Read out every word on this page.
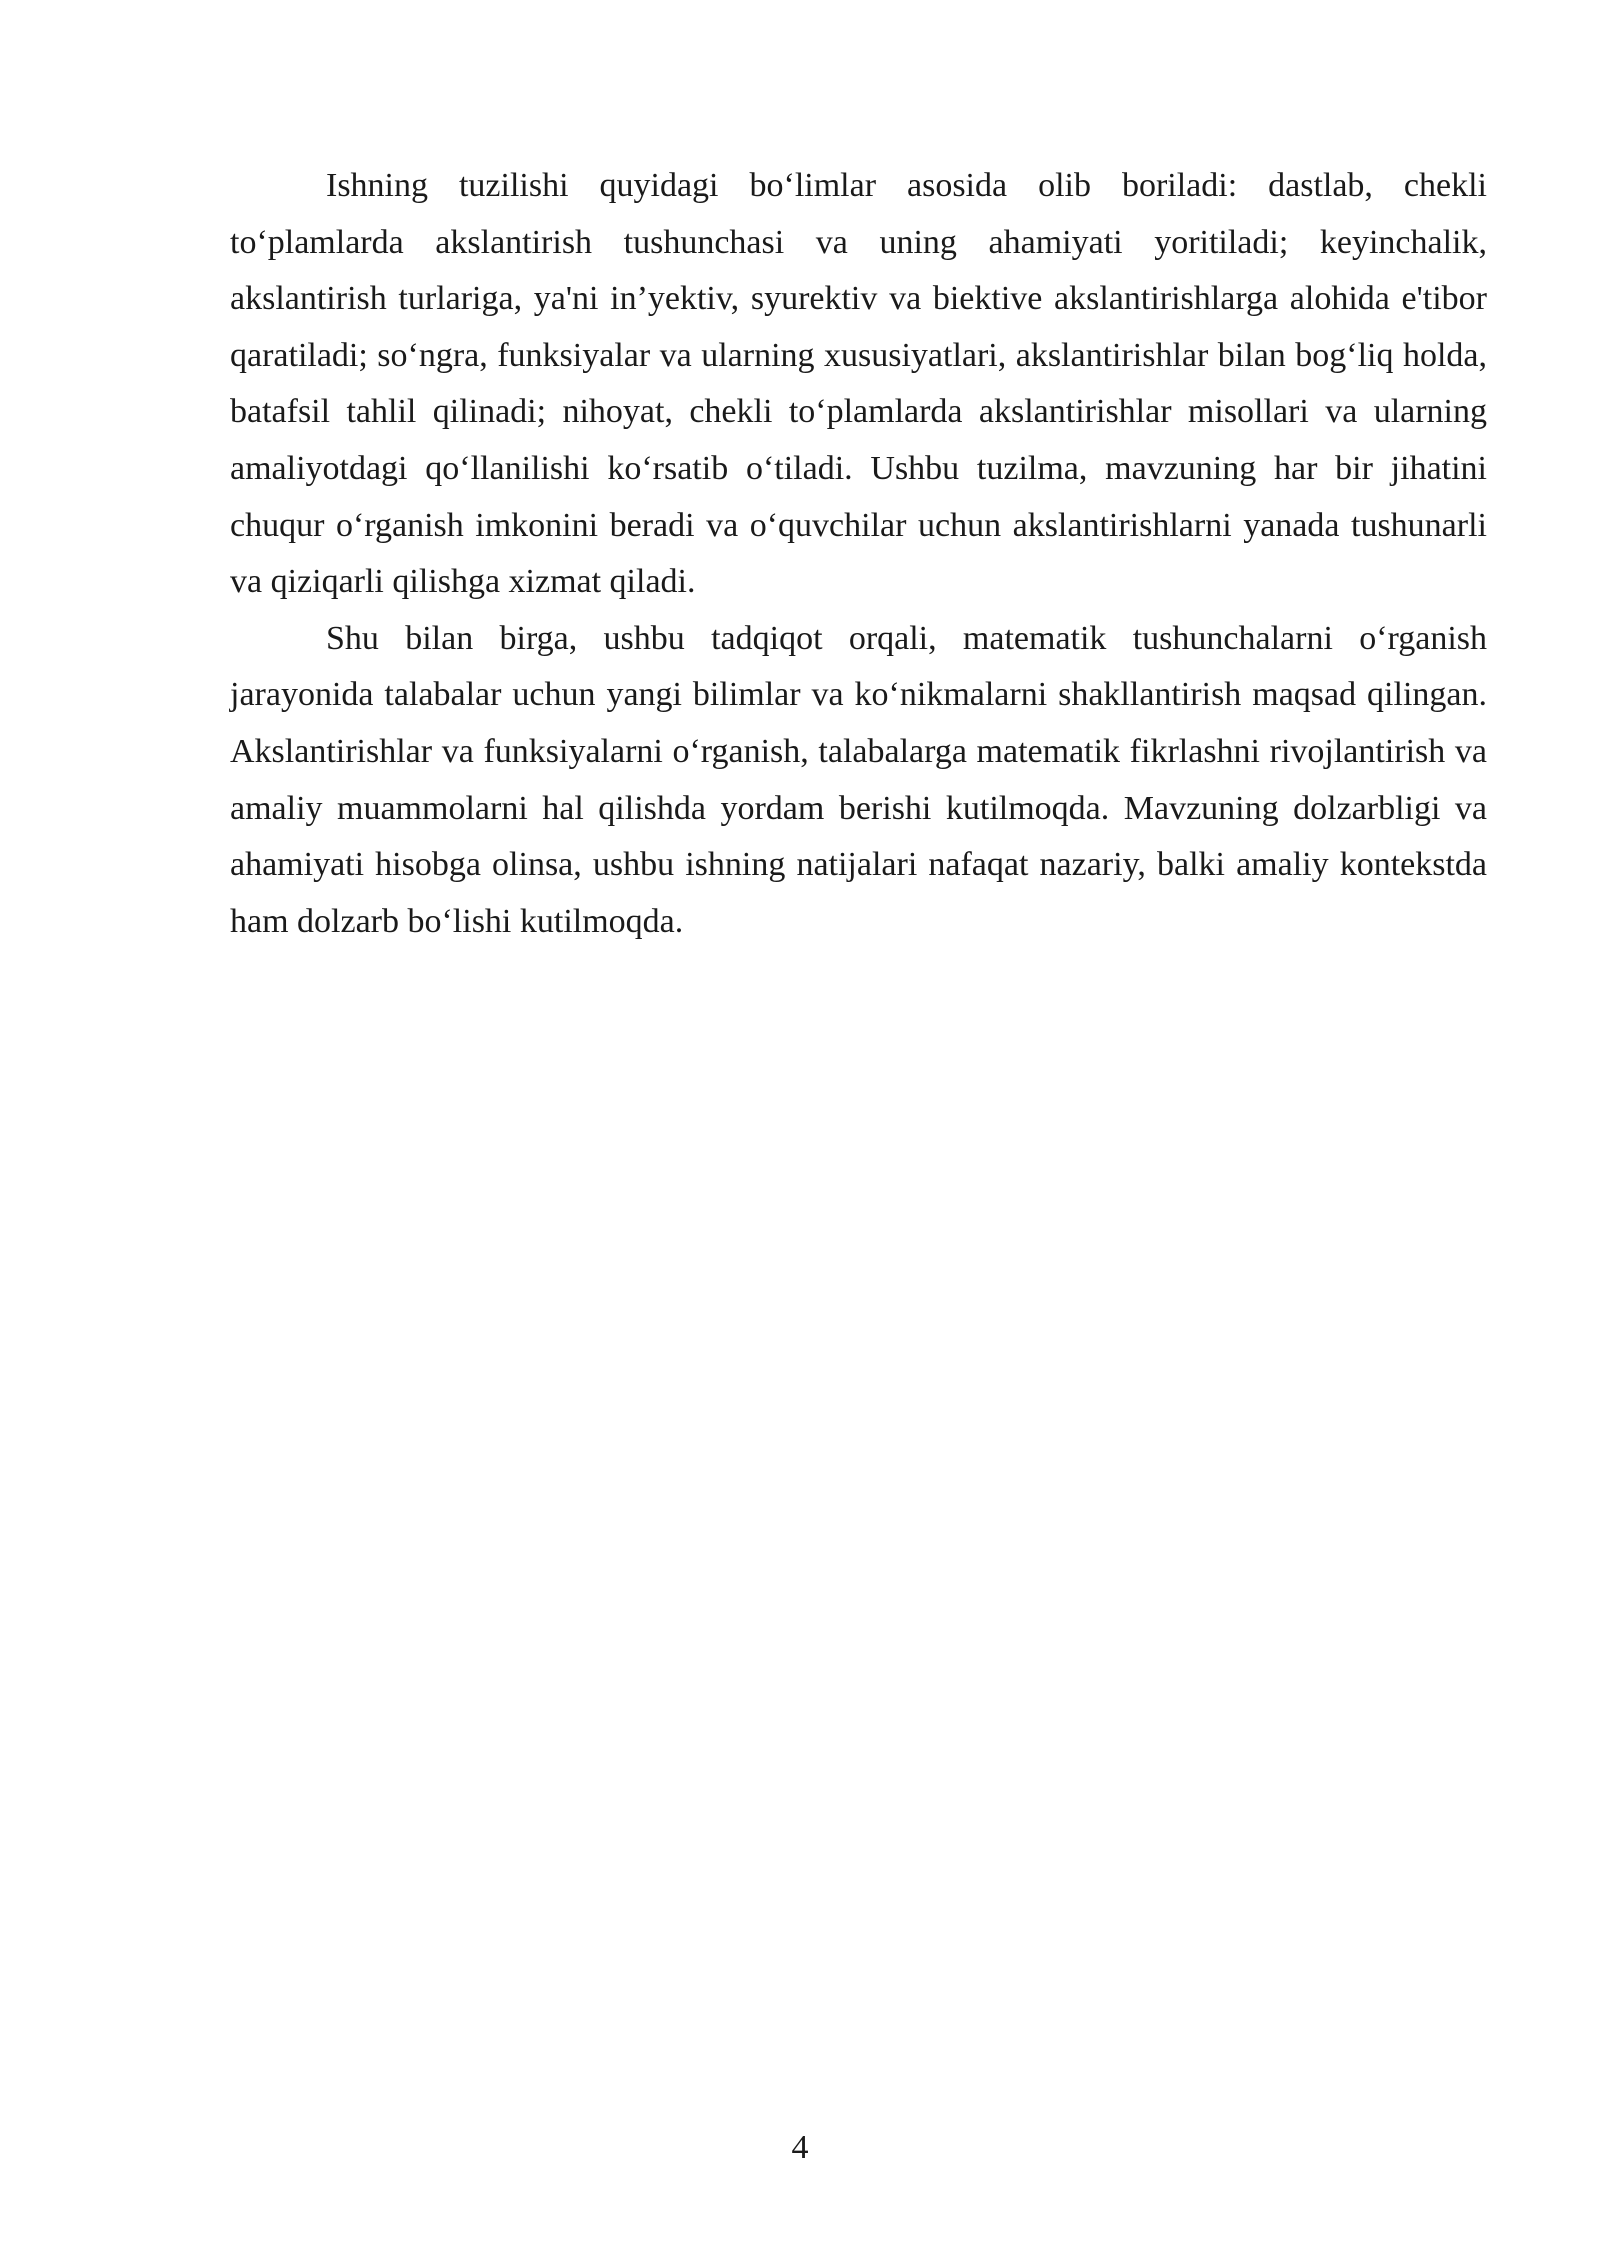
Ishning tuzilishi quyidagi bo‘limlar asosida olib boriladi: dastlab, chekli to‘plamlarda akslantirish tushunchasi va uning ahamiyati yoritiladi; keyinchalik, akslantirish turlariga, ya'ni in’yektiv, syurektiv va biektive akslantirishlarga alohida e'tibor qaratiladi; so‘ngra, funksiyalar va ularning xususiyatlari, akslantirishlar bilan bog‘liq holda, batafsil tahlil qilinadi; nihoyat, chekli to‘plamlarda akslantirishlar misollari va ularning amaliyotdagi qo‘llanilishi ko‘rsatib o‘tiladi. Ushbu tuzilma, mavzuning har bir jihatini chuqur o‘rganish imkonini beradi va o‘quvchilar uchun akslantirishlarni yanada tushunarli va qiziqarli qilishga xizmat qiladi.

Shu bilan birga, ushbu tadqiqot orqali, matematik tushunchalarni o‘rganish jarayonida talabalar uchun yangi bilimlar va ko‘nikmalarni shakllantirish maqsad qilingan. Akslantirishlar va funksiyalarni o‘rganish, talabalarga matematik fikrlashni rivojlantirish va amaliy muammolarni hal qilishda yordam berishi kutilmoqda. Mavzuning dolzarbligi va ahamiyati hisobga olinsa, ushbu ishning natijalari nafaqat nazariy, balki amaliy kontekstda ham dolzarb bo‘lishi kutilmoqda.

4
